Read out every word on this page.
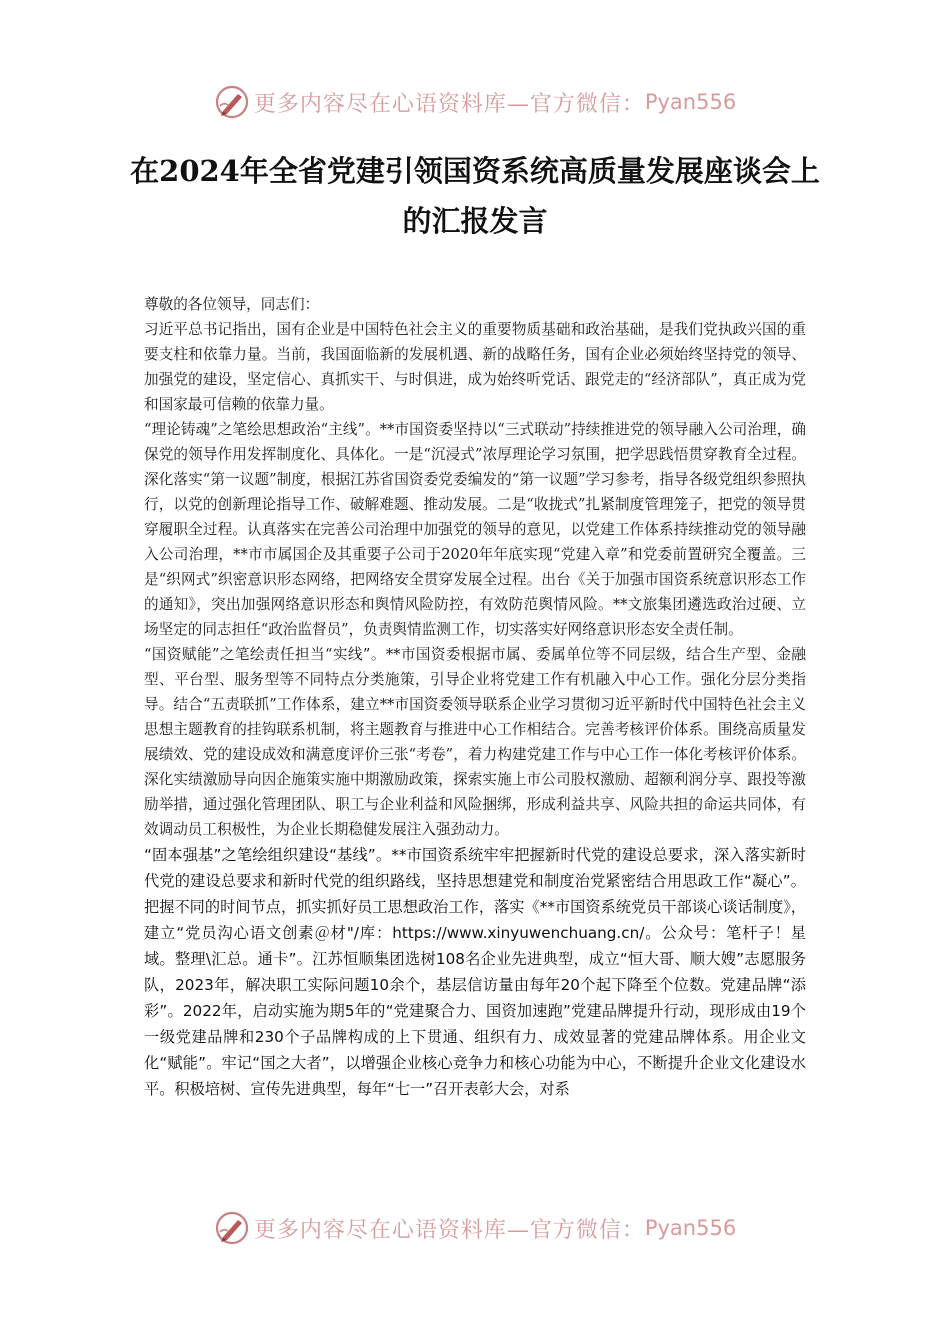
更多内容尽在心语资料库—官方微信： Pyan556
在2024年全省党建引领国资系统高质量发展座谈会上的汇报发言

尊敬的各位领导，同志们：

习近平总书记指出，国有企业是中国特色社会主义的重要物质基础和政治基础，是我们党执政兴国的重要支柱和依靠力量。当前，我国面临新的发展机遇、新的战略任务，国有企业必须始终坚持党的领导、加强党的建设，坚定信心、真抓实干、与时俱进，成为始终听党话、跟党走的“经济部队”，真正成为党和国家最可信赖的依靠力量。

“理论铸魂”之笔绘思想政治“主线”。**市国资委坚持以“三式联动”持续推进党的领导融入公司治理，确保党的领导作用发挥制度化、具体化。一是“沉浸式”浓厚理论学习氛围，把学思践悟贯穿教育全过程。深化落实“第一议题”制度，根据江苏省国资委党委编发的“第一议题”学习参考，指导各级党组织参照执行，以党的创新理论指导工作、破解难题、推动发展。二是“收拢式”扎紧制度管理笼子，把党的领导贯穿履职全过程。认真落实在完善公司治理中加强党的领导的意见，以党建工作体系持续推动党的领导融入公司治理，**市市属国企及其重要子公司于2020年年底实现“党建入章”和党委前置研究全覆盖。三是“织网式”织密意识形态网络，把网络安全贯穿发展全过程。出台《关于加强市国资系统意识形态工作的通知》，突出加强网络意识形态和舆情风险防控，有效防范舆情风险。**文旅集团遴选政治过硬、立场坚定的同志担任“政治监督员”，负责舆情监测工作，切实落实好网络意识形态安全责任制。

“国资赋能”之笔绘责任担当“实线”。**市国资委根据市属、委属单位等不同层级，结合生产型、金融型、平台型、服务型等不同特点分类施策，引导企业将党建工作有机融入中心工作。强化分层分类指导。结合“五责联抓”工作体系，建立**市国资委领导联系企业学习贯彻习近平新时代中国特色社会主义思想主题教育的挂钩联系机制，将主题教育与推进中心工作相结合。完善考核评价体系。围绕高质量发展绩效、党的建设成效和满意度评价三张“考卷”，着力构建党建工作与中心工作一体化考核评价体系。深化实绩激励导向因企施策实施中期激励政策，探索实施上市公司股权激励、超额利润分享、跟投等激励举措，通过强化管理团队、职工与企业利益和风险捆绑，形成利益共享、风险共担的命运共同体，有效调动员工积极性，为企业长期稳健发展注入强劲动力。

“固本强基”之笔绘组织建设“基线”。**市国资系统牢牢把握新时代党的建设总要求，深入落实新时代党的建设总要求和新时代党的组织路线，坚持思想建党和制度治党紧密结合用思政工作“凝心”。把握不同的时间节点，抓实抓好员工思想政治工作，落实《**市国资系统党员干部谈心谈话制度》，建立“党员沟心语文创素＠材"/库：https://www.xinyuwenchuang.cn/。公众号：笔杆子！星域。整理\汇总。通卡”。江苏恒顺集团选树108名企业先进典型，成立“恒大哥、顺大嫂”志愿服务队，2023年，解决职工实际问题10余个，基层信访量由每年20个起下降至个位数。党建品牌“添彩”。2022年，启动实施为期5年的“党建聚合力、国资加速跑”党建品牌提升行动，现形成由19个一级党建品牌和230个子品牌构成的上下贯通、组织有力、成效显著的党建品牌体系。用企业文化“赋能”。牢记“国之大者”，以增强企业核心竞争力和核心功能为中心，不断提升企业文化建设水平。积极培树、宣传先进典型，每年“七一”召开表彰大会，对系

更多内容尽在心语资料库—官方微信： Pyan556
